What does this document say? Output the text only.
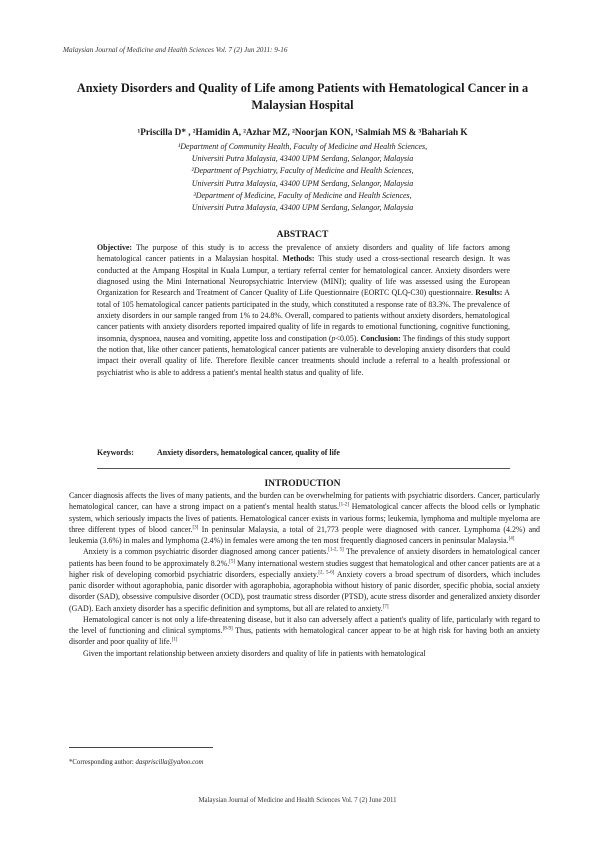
Malaysian Journal of Medicine and Health Sciences Vol. 7 (2) Jun 2011: 9-16
Anxiety Disorders and Quality of Life among Patients with Hematological Cancer in a Malaysian Hospital
¹Priscilla D* , ²Hamidin A, ²Azhar MZ, ²Noorjan KON, ¹Salmiah MS & ³Bahariah K
¹Department of Community Health, Faculty of Medicine and Health Sciences,
Universiti Putra Malaysia, 43400 UPM Serdang, Selangor, Malaysia
²Department of Psychiatry, Faculty of Medicine and Health Sciences,
Universiti Putra Malaysia, 43400 UPM Serdang, Selangor, Malaysia
³Department of Medicine, Faculty of Medicine and Health Sciences,
Universiti Putra Malaysia, 43400 UPM Serdang, Selangor, Malaysia
ABSTRACT
Objective: The purpose of this study is to access the prevalence of anxiety disorders and quality of life factors among hematological cancer patients in a Malaysian hospital. Methods: This study used a cross-sectional research design. It was conducted at the Ampang Hospital in Kuala Lumpur, a tertiary referral center for hematological cancer. Anxiety disorders were diagnosed using the Mini International Neuropsychiatric Interview (MINI); quality of life was assessed using the European Organization for Research and Treatment of Cancer Quality of Life Questionnaire (EORTC QLQ-C30) questionnaire. Results: A total of 105 hematological cancer patients participated in the study, which constituted a response rate of 83.3%. The prevalence of anxiety disorders in our sample ranged from 1% to 24.8%. Overall, compared to patients without anxiety disorders, hematological cancer patients with anxiety disorders reported impaired quality of life in regards to emotional functioning, cognitive functioning, insomnia, dyspnoea, nausea and vomiting, appetite loss and constipation (p<0.05). Conclusion: The findings of this study support the notion that, like other cancer patients, hematological cancer patients are vulnerable to developing anxiety disorders that could impact their overall quality of life. Therefore flexible cancer treatments should include a referral to a health professional or psychiatrist who is able to address a patient's mental health status and quality of life.
Keywords:	Anxiety disorders, hematological cancer, quality of life
INTRODUCTION

Cancer diagnosis affects the lives of many patients, and the burden can be overwhelming for patients with psychiatric disorders. Cancer, particularly hematological cancer, can have a strong impact on a patient's mental health status.[1-2] Hematological cancer affects the blood cells or lymphatic system, which seriously impacts the lives of patients. Hematological cancer exists in various forms; leukemia, lymphoma and multiple myeloma are three different types of blood cancer.[3] In peninsular Malaysia, a total of 21,773 people were diagnosed with cancer. Lymphoma (4.2%) and leukemia (3.6%) in males and lymphoma (2.4%) in females were among the ten most frequently diagnosed cancers in peninsular Malaysia.[4]

Anxiety is a common psychiatric disorder diagnosed among cancer patients.[1-2, 5] The prevalence of anxiety disorders in hematological cancer patients has been found to be approximately 8.2%.[5] Many international western studies suggest that hematological and other cancer patients are at a higher risk of developing comorbid psychiatric disorders, especially anxiety.[2, 5-6] Anxiety covers a broad spectrum of disorders, which includes panic disorder without agoraphobia, panic disorder with agoraphobia, agoraphobia without history of panic disorder, specific phobia, social anxiety disorder (SAD), obsessive compulsive disorder (OCD), post traumatic stress disorder (PTSD), acute stress disorder and generalized anxiety disorder (GAD). Each anxiety disorder has a specific definition and symptoms, but all are related to anxiety.[7]

Hematological cancer is not only a life-threatening disease, but it also can adversely affect a patient's quality of life, particularly with regard to the level of functioning and clinical symptoms.[8-9] Thus, patients with hematological cancer appear to be at high risk for having both an anxiety disorder and poor quality of life.[1]

Given the important relationship between anxiety disorders and quality of life in patients with hematological

*Corresponding author: daspriscilla@yahoo.com
Malaysian Journal of Medicine and Health Sciences Vol. 7 (2) June 2011
